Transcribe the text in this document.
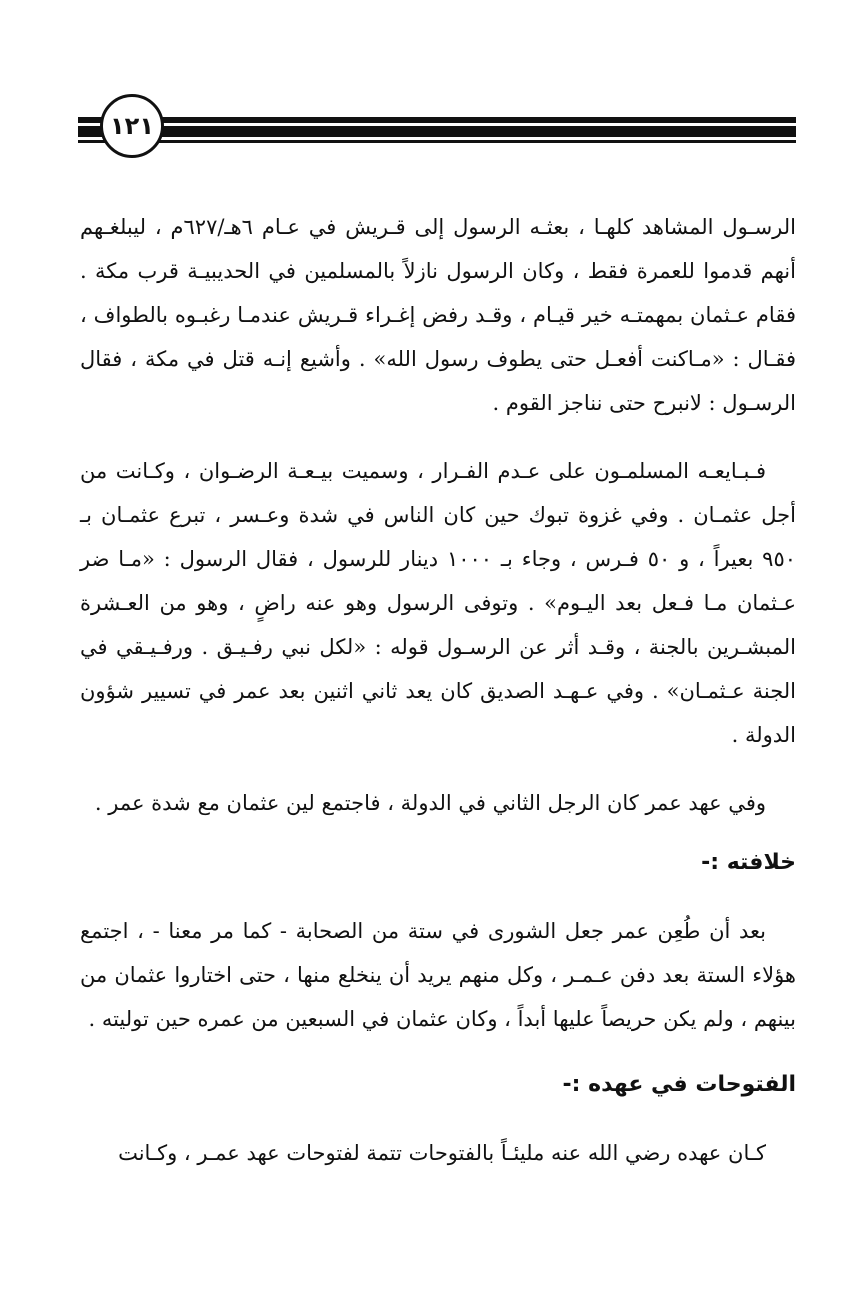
١٢١

الرسـول المشاهد كلهـا ، بعثـه الرسول إلى قـريش في عـام ٦هـ/٦٢٧م ، ليبلغـهم أنهم قدموا للعمرة فقط ، وكان الرسول نازلاً بالمسلمين في الحديبيـة قرب مكة . فقام عـثمان بمهمتـه خير قيـام ، وقـد رفض إغـراء قـريش عندمـا رغبـوه بالطواف ، فقـال : «مـاكنت أفعـل حتى يطوف رسول الله» . وأشيع إنـه قتل في مكة ، فقال الرسـول : لانبرح حتى نناجز القوم .

فـبـايعـه المسلمـون على عـدم الفـرار ، وسميت بيـعـة الرضـوان ، وكـانت من أجل عثمـان . وفي غزوة تبوك حين كان الناس في شدة وعـسر ، تبرع عثمـان بـ ٩٥٠ بعيراً ، و ٥٠ فـرس ، وجاء بـ ١٠٠٠ دينار للرسول ، فقال الرسول : «مـا ضر عـثمان مـا فـعل بعد اليـوم» . وتوفى الرسول وهو عنه راضٍ ، وهو من العـشرة المبشـرين بالجنة ، وقـد أثر عن الرسـول قوله : «لكل نبي رفـيـق . ورفـيـقي في الجنة عـثمـان» . وفي عـهـد الصديق كان يعد ثاني اثنين بعد عمر في تسيير شؤون الدولة .

وفي عهد عمر كان الرجل الثاني في الدولة ، فاجتمع لين عثمان مع شدة عمر .

خلافته :-

بعد أن طُعِن عمر جعل الشورى في ستة من الصحابة - كما مر معنا - ، اجتمع هؤلاء الستة بعد دفن عـمـر ، وكل منهم يريد أن ينخلع منها ، حتى اختاروا عثمان من بينهم ، ولم يكن حريصاً عليها أبداً ، وكان عثمان في السبعين من عمره حين توليته .

الفتوحات في عهده :-

كـان عهده رضي الله عنه مليئـاً بالفتوحات تتمة لفتوحات عهد عمـر ، وكـانت
